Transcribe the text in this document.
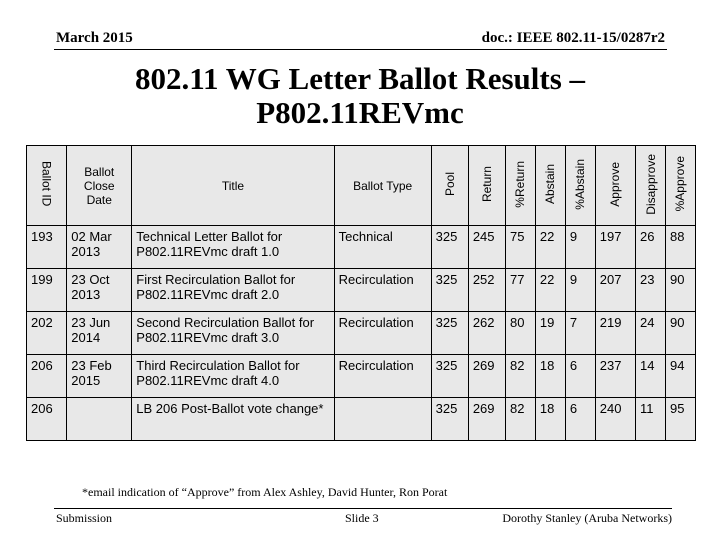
March 2015	doc.: IEEE 802.11-15/0287r2
802.11 WG Letter Ballot Results –
P802.11REVmc
Ballot ID	Ballot Close Date	Title	Ballot Type	Pool	Return	%Return	Abstain	%Abstain	Approve	Disapprove	%Approve
193	02 Mar 2013	Technical Letter Ballot for P802.11REVmc draft 1.0	Technical	325	245	75	22	9	197	26	88
199	23 Oct 2013	First Recirculation Ballot for P802.11REVmc draft 2.0	Recirculation	325	252	77	22	9	207	23	90
202	23 Jun 2014	Second Recirculation Ballot for P802.11REVmc draft 3.0	Recirculation	325	262	80	19	7	219	24	90
206	23 Feb 2015	Third Recirculation Ballot for P802.11REVmc draft 4.0	Recirculation	325	269	82	18	6	237	14	94
206		LB 206 Post-Ballot vote change*		325	269	82	18	6	240	11	95
*email indication of “Approve” from Alex Ashley, David Hunter, Ron Porat
Submission	Slide 3	Dorothy Stanley (Aruba Networks)
